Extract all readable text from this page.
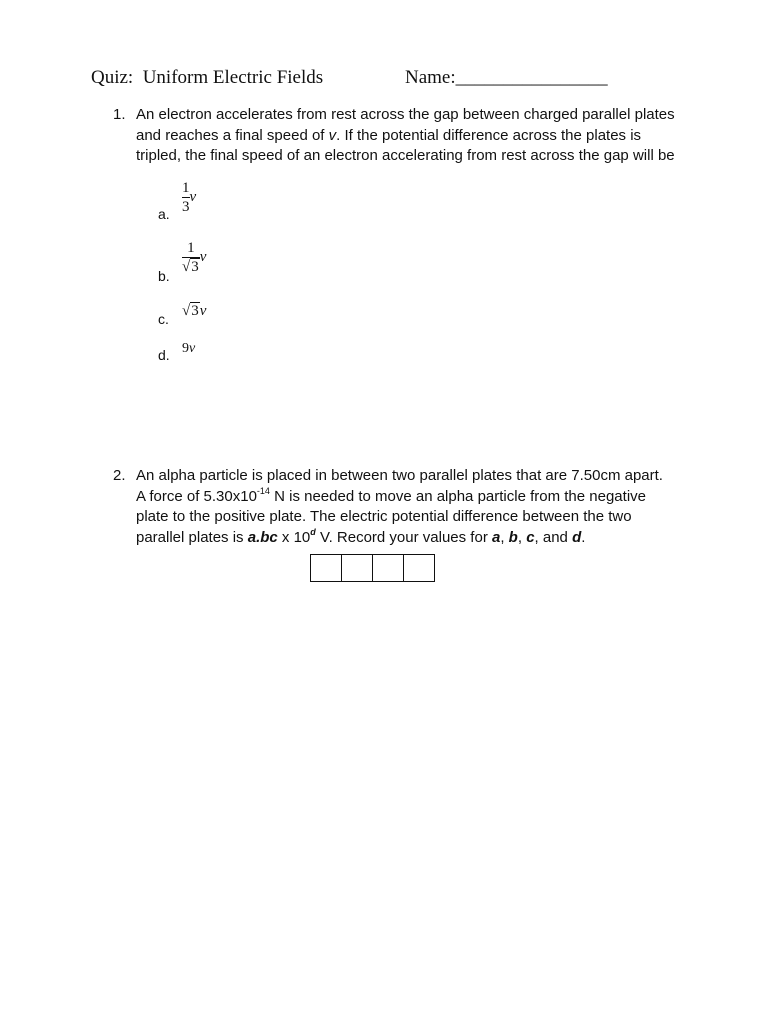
Quiz:  Uniform Electric Fields	Name:________________
1. An electron accelerates from rest across the gap between charged parallel plates
and reaches a final speed of v. If the potential difference across the plates is
tripled, the final speed of an electron accelerating from rest across the gap will be
a. $\frac{1}{3}$ v
b.
$\frac{1}{√3}$ v
c. √3v
d. 9v
2. An alpha particle is placed in between two parallel plates that are 7.50cm apart.
A force of $5.30x10^{-14}$ N is needed to move an alpha particle from the negative
plate to the positive plate. The electric potential difference between the two
parallel plates is a.bc x 10$^d$ V. Record your values for a, b, c, and d.
